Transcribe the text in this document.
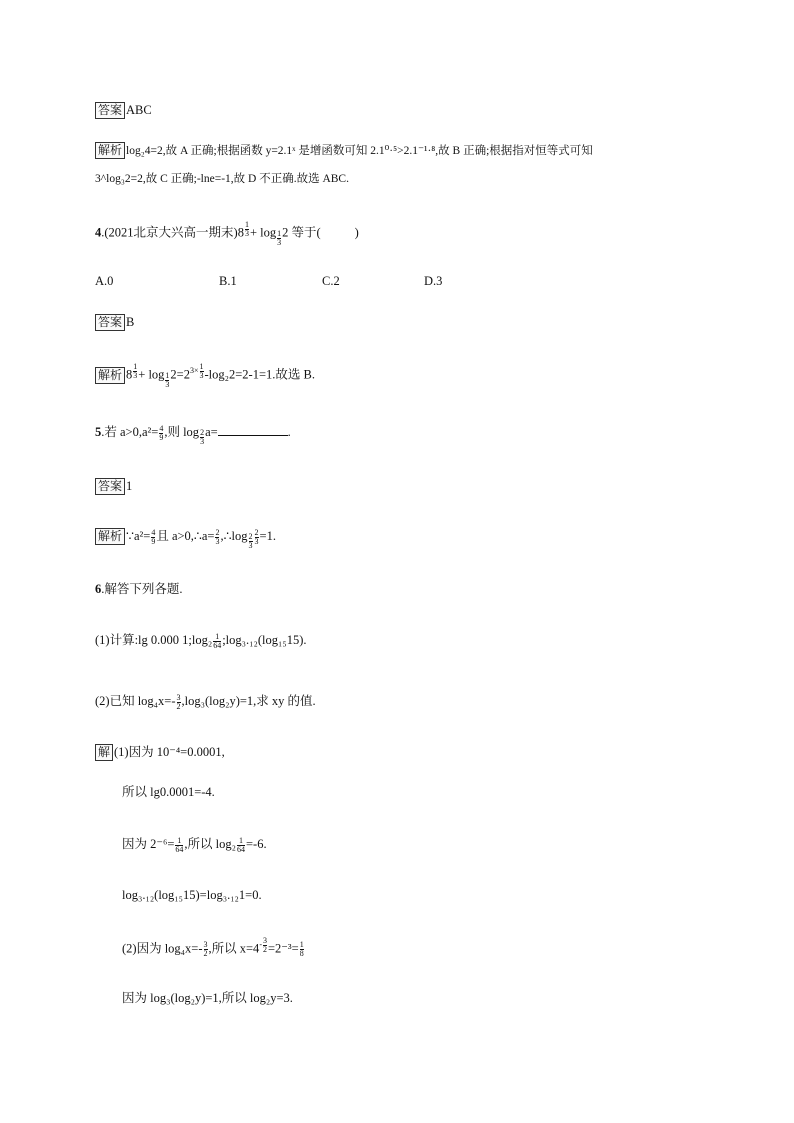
答案 ABC
解析 log₂4=2,故 A 正确;根据函数 y=2.1ˣ 是增函数可知 2.1⁰·⁵>2.1⁻¹·⁸,故 B 正确;根据指对恒等式可知
3^log₃2=2,故 C 正确;-lne=-1,故 D 不正确.故选 ABC.
4.(2021北京大兴高一期末)8 $^{\frac{1}{3}}$ + log $_{\frac{1}{3}}$ 2 等于(	)
A.0	B.1	C.2	D.3
答案 B
解析 8 $^{\frac{1}{3}}$ + log $_{\frac{1}{3}}$ $2=2^{3\times \frac{1}{3}}$ -log₂2=2-1=1.故选 B.
5.若 $a>0,a^2= \frac{4}{9}$ ,则 log $_{\frac{2}{3}}$ a=	.
答案 1
解析 ∵a²= $\frac{4}{9}$ 且 a>0,∴a= $\frac{2}{3}$ ,∴log $_{\frac{2}{3}} \frac{2}{3} =1$.
6.解答下列各题.
(1)计算:lg 0.000 1;log₂ $\frac{1}{64}$ ;log₃.₁₂(log₁₅15).
(2)已知 $\log_4x=- \frac{3}{2} ,\log_3(\log_2y)=1$,求 xy 的值.
解 (1)因为 10⁻⁴=0.0001,
所以 lg0.0001=-4.
因为 $2^{-6}= \frac{1}{64}$ ,所以 $\log_2 \frac{1}{64} =-6$.
log₃.₁₂(log₁₅15)=log₃.₁₂1=0.
(2)因为 $\log_4x=- \frac{3}{2}$ ,所以 $x=4^{- \frac{3}{2}} =2^{-3}= \frac{1}{8}$
因为 log₃(log₂y)=1,所以 log₂y=3.
